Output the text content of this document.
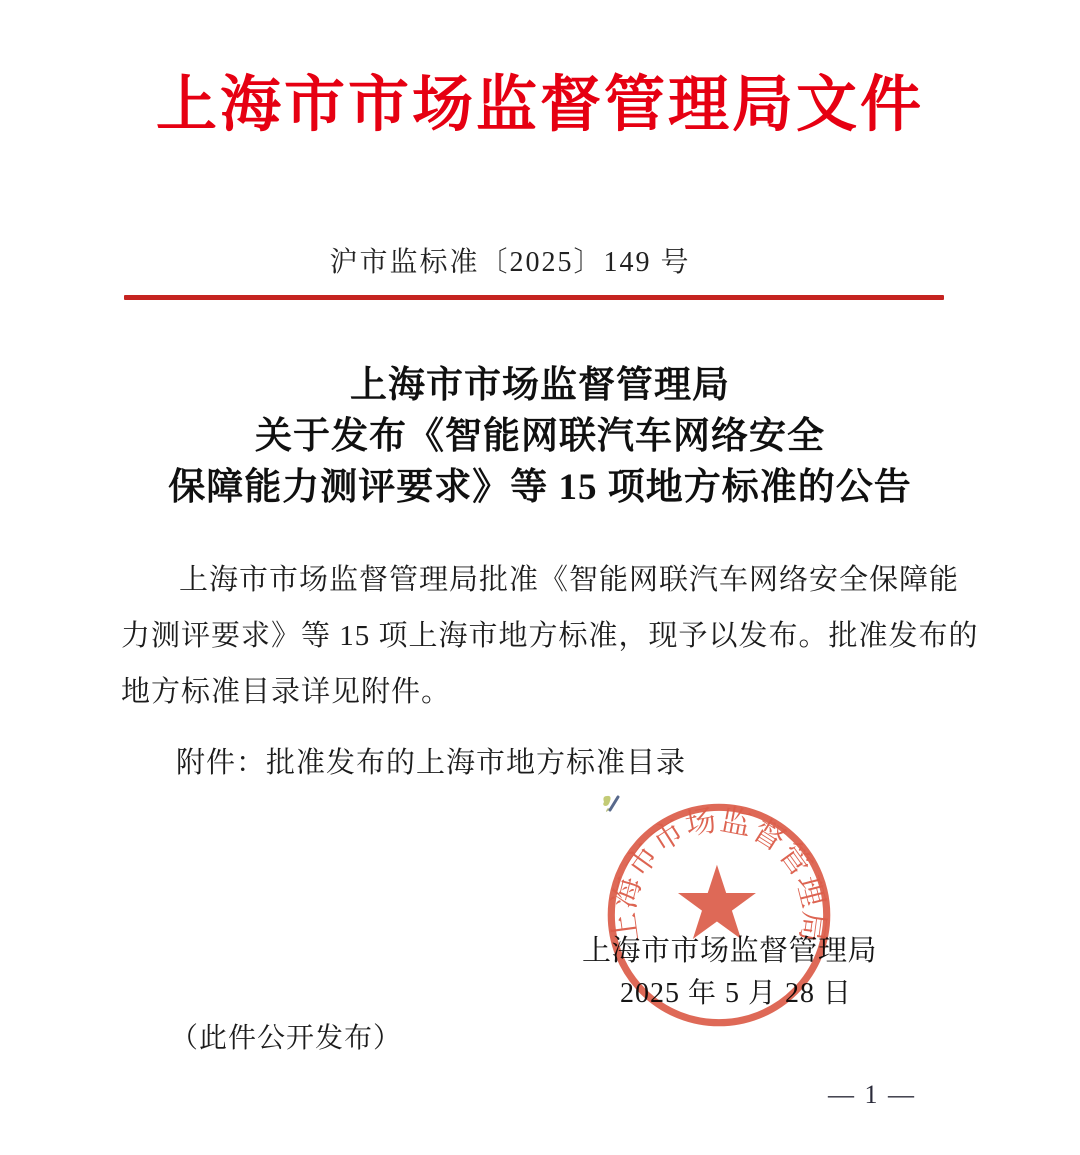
上海市市场监督管理局文件
沪市监标准〔2025〕149 号
上海市市场监督管理局
关于发布《智能网联汽车网络安全
保障能力测评要求》等 15 项地方标准的公告
上海市市场监督管理局批准《智能网联汽车网络安全保障能
力测评要求》等 15 项上海市地方标准，现予以发布。批准发布的
地方标准目录详见附件。
附件：批准发布的上海市地方标准目录
上海市市场监督管理局
2025 年 5 月 28 日
上海市市场监督管理局
（此件公开发布）
— 1 —
